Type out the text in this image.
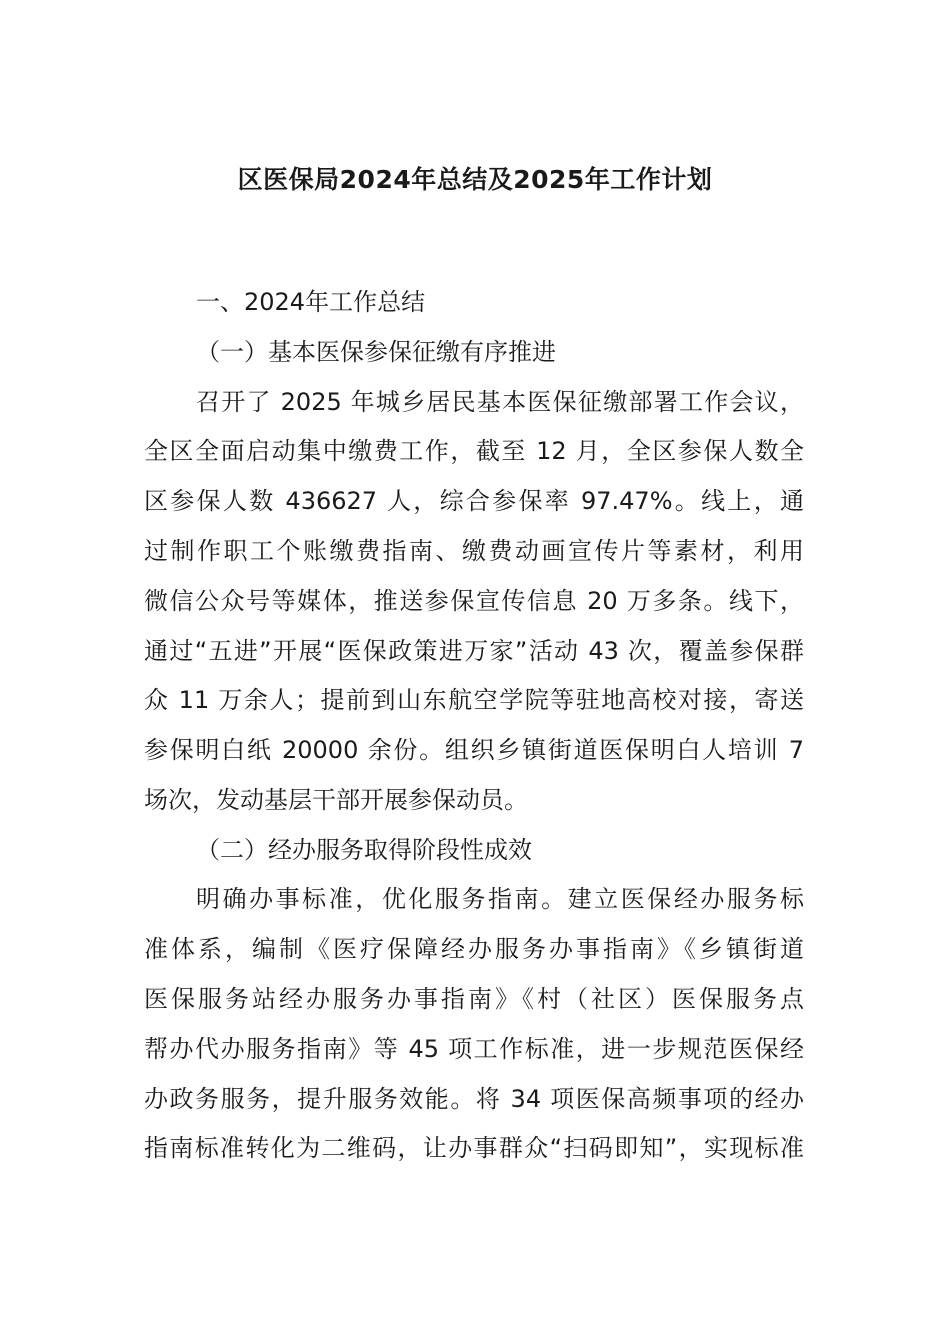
区医保局2024年总结及2025年工作计划
一、2024年工作总结
（一）基本医保参保征缴有序推进
召开了 2025 年城乡居民基本医保征缴部署工作会议，
全区全面启动集中缴费工作，截至 12 月，全区参保人数全
区参保人数 436627 人，综合参保率 97.47%。线上，通
过制作职工个账缴费指南、缴费动画宣传片等素材，利用
微信公众号等媒体，推送参保宣传信息 20 万多条。线下，
通过“五进”开展“医保政策进万家”活动 43 次，覆盖参保群
众 11 万余人；提前到山东航空学院等驻地高校对接，寄送
参保明白纸 20000 余份。组织乡镇街道医保明白人培训 7
场次，发动基层干部开展参保动员。
（二）经办服务取得阶段性成效
明确办事标准，优化服务指南。建立医保经办服务标
准体系，编制《医疗保障经办服务办事指南》《乡镇街道
医保服务站经办服务办事指南》《村（社区）医保服务点
帮办代办服务指南》等 45 项工作标准，进一步规范医保经
办政务服务，提升服务效能。将 34 项医保高频事项的经办
指南标准转化为二维码，让办事群众“扫码即知”，实现标准
